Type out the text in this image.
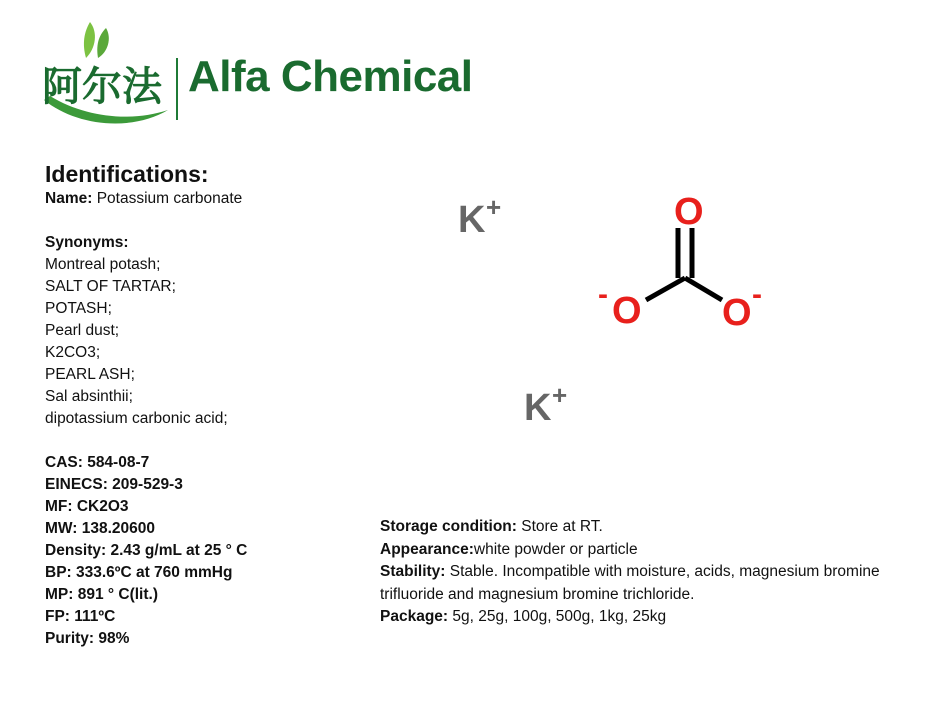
阿尔法 Alfa Chemical
Identifications:
Name: Potassium carbonate
Synonyms:
Montreal potash;
SALT OF TARTAR;
POTASH;
Pearl dust;
K2CO3;
PEARL ASH;
Sal absinthii;
dipotassium carbonic acid;
CAS: 584-08-7
EINECS: 209-529-3
MF: CK2O3
MW: 138.20600
Density: 2.43 g/mL at 25 ° C
BP: 333.6ºC at 760 mmHg
MP: 891 ° C(lit.)
FP: 111ºC
Purity: 98%
K +
K +
O
O
-	O -
Storage condition: Store at RT.
Appearance:white powder or particle
Stability: Stable. Incompatible with moisture, acids, magnesium bromine trifluoride and magnesium bromine trichloride.
Package: 5g, 25g, 100g, 500g, 1kg, 25kg
